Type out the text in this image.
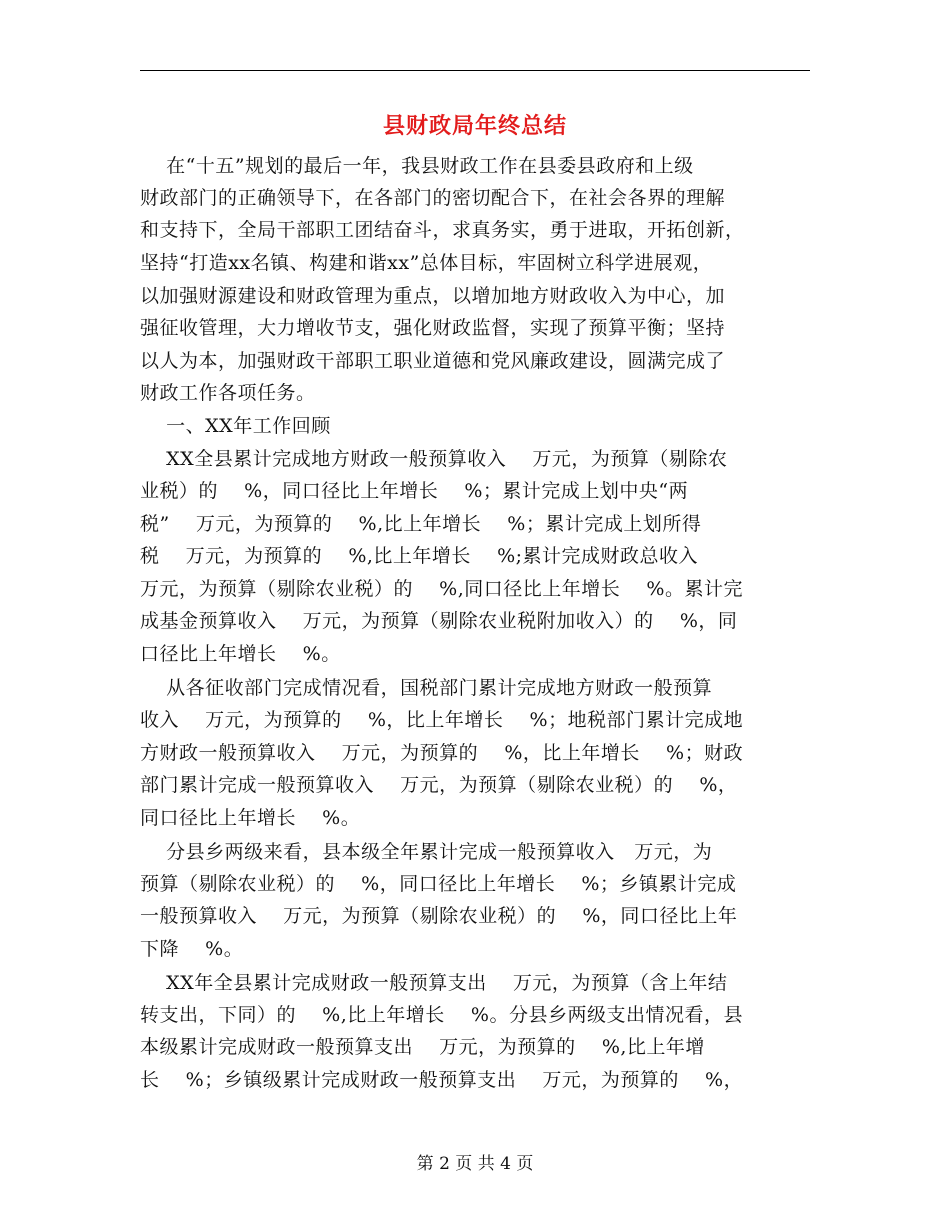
县财政局年终总结
在“十五”规划的最后一年，我县财政工作在县委县政府和上级
财政部门的正确领导下，在各部门的密切配合下，在社会各界的理解
和支持下，全局干部职工团结奋斗，求真务实，勇于进取，开拓创新，
坚持“打造xx名镇、构建和谐xx”总体目标，牢固树立科学进展观，
以加强财源建设和财政管理为重点，以增加地方财政收入为中心，加
强征收管理，大力增收节支，强化财政监督，实现了预算平衡；坚持
以人为本，加强财政干部职工职业道德和党风廉政建设，圆满完成了
财政工作各项任务。
一、XX年工作回顾
XX全县累计完成地方财政一般预算收入    万元，为预算（剔除农
业税）的    %，同口径比上年增长    %；累计完成上划中央“两
税”    万元，为预算的    %,比上年增长    %；累计完成上划所得
税    万元，为预算的    %,比上年增长    %;累计完成财政总收入
万元，为预算（剔除农业税）的    %,同口径比上年增长    %。累计完
成基金预算收入    万元，为预算（剔除农业税附加收入）的    %，同
口径比上年增长    %。
从各征收部门完成情况看，国税部门累计完成地方财政一般预算
收入    万元，为预算的    %，比上年增长    %；地税部门累计完成地
方财政一般预算收入    万元，为预算的    %，比上年增长    %；财政
部门累计完成一般预算收入    万元，为预算（剔除农业税）的    %，
同口径比上年增长    %。
分县乡两级来看，县本级全年累计完成一般预算收入   万元，为
预算（剔除农业税）的    %，同口径比上年增长    %；乡镇累计完成
一般预算收入    万元，为预算（剔除农业税）的    %，同口径比上年
下降    %。
XX年全县累计完成财政一般预算支出    万元，为预算（含上年结
转支出，下同）的    %,比上年增长    %。分县乡两级支出情况看，县
本级累计完成财政一般预算支出    万元，为预算的    %,比上年增
长    %；乡镇级累计完成财政一般预算支出    万元，为预算的    %，
第 2 页 共 4 页
